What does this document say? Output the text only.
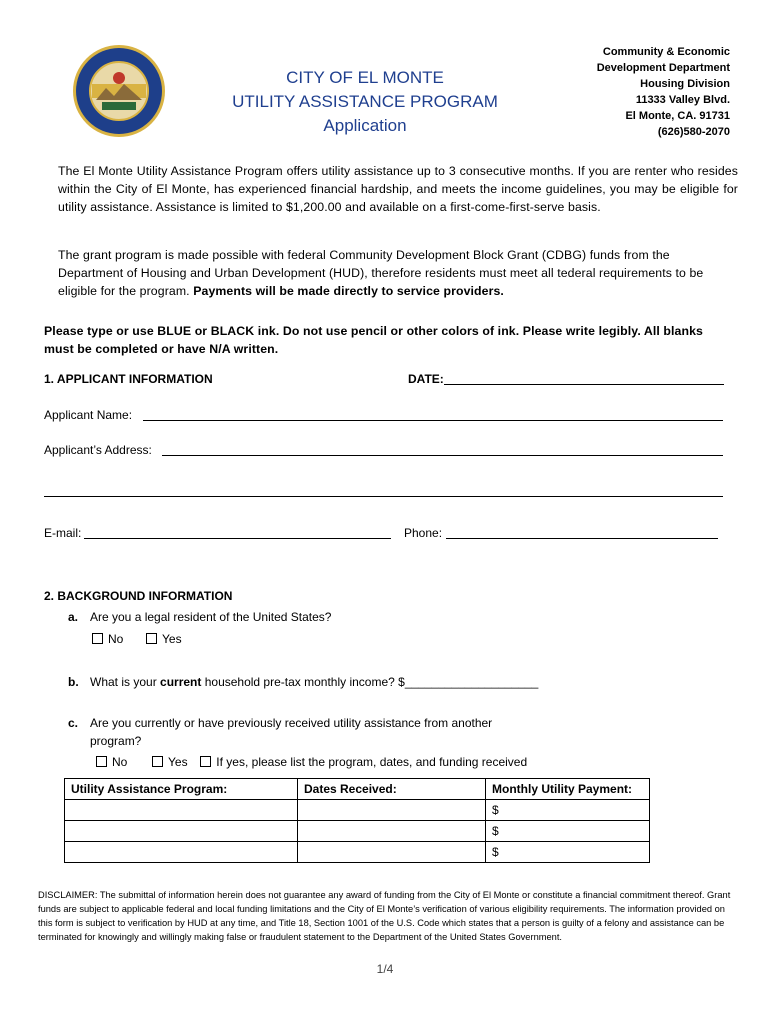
CITY OF EL MONTE
UTILITY ASSISTANCE PROGRAM
Application
Community & Economic
Development Department
Housing Division
11333 Valley Blvd.
El Monte, CA. 91731
(626)580-2070
The El Monte Utility Assistance Program offers utility assistance up to 3 consecutive months. If you are renter who resides within the City of El Monte, has experienced financial hardship, and meets the income guidelines, you may be eligible for utility assistance. Assistance is limited to $1,200.00 and available on a first-come-first-serve basis.
The grant program is made possible with federal Community Development Block Grant (CDBG) funds from the Department of Housing and Urban Development (HUD), therefore residents must meet all tederal requirements to be eligible for the program. Payments will be made directly to service providers.
Please type or use BLUE or BLACK ink. Do not use pencil or other colors of ink. Please write legibly. All blanks must be completed or have N/A written.
1. APPLICANT INFORMATION	DATE:
Applicant Name:
Applicant’s Address:
E-mail:	Phone:
2. BACKGROUND INFORMATION
a. Are you a legal resident of the United States?
No	Yes
b. What is your current household pre-tax monthly income? $____________________
c. Are you currently or have previously received utility assistance from another
program?
No	Yes If yes, please list the program, dates, and funding received
Utility Assistance Program:	Dates Received:	Monthly Utility Payment:
		$
		$
		$
DISCLAIMER: The submittal of information herein does not guarantee any award of funding from the City of El Monte or constitute a financial commitment thereof. Grant funds are subject to applicable federal and local funding limitations and the City of El Monte’s verification of various eligibility requirements. The information provided on this form is subject to verification by HUD at any time, and Title 18, Section 1001 of the U.S. Code which states that a person is guilty of a felony and assistance can be terminated for knowingly and willingly making false or fraudulent statement to the Department of the United States Government.
1/4
